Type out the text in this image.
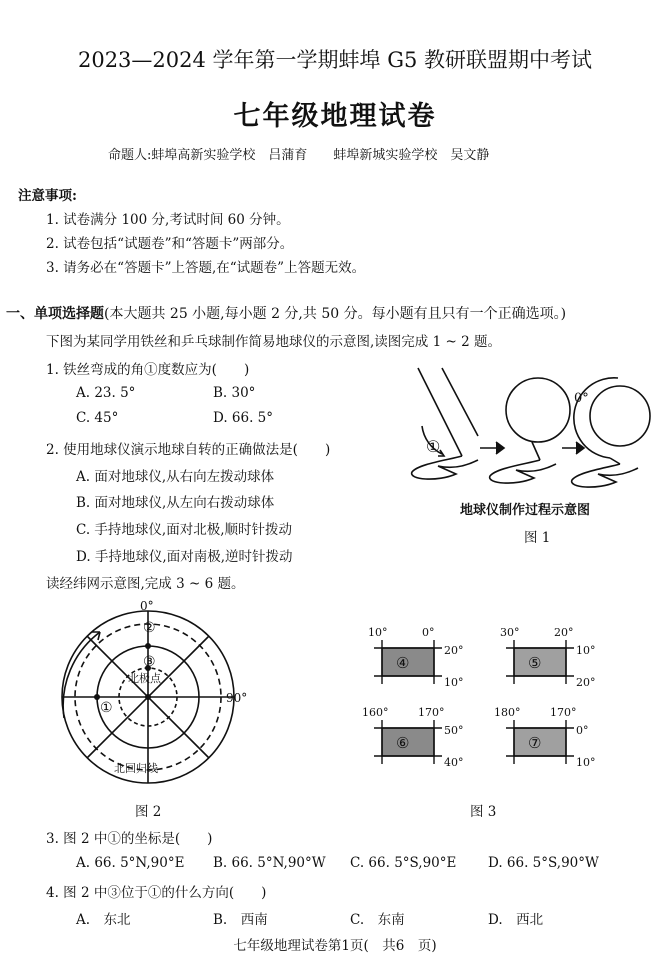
2023—2024 学年第一学期蚌埠 G5 教研联盟期中考试
七年级地理试卷
命题人:蚌埠高新实验学校　吕蒲育　　蚌埠新城实验学校　吴文静
注意事项:
1. 试卷满分 100 分,考试时间 60 分钟。
2. 试卷包括“试题卷”和“答题卡”两部分。
3. 请务必在“答题卡”上答题,在“试题卷”上答题无效。
一、单项选择题(本大题共 25 小题,每小题 2 分,共 50 分。每小题有且只有一个正确选项。)
下图为某同学用铁丝和乒乓球制作简易地球仪的示意图,读图完成 1 ~ 2 题。
1. 铁丝弯成的角①度数应为(　　)
A. 23. 5°	B. 30°
C. 45°	D. 66. 5°
2. 使用地球仪演示地球自转的正确做法是(　　)
A. 面对地球仪,从右向左拨动球体
B. 面对地球仪,从左向右拨动球体
C. 手持地球仪,面对北极,顺时针拨动
D. 手持地球仪,面对南极,逆时针拨动
读经纬网示意图,完成 3 ~ 6 题。
①
0°
地球仪制作过程示意图
图 1
0°
90°
①
②
③
北极点
北回归线
图 2
④
10°	0°
20°
10°
⑤
30°	20°
10°
20°
⑥
160°	170°
50°
40°
⑦
180°	170°
0°
10°
图 3
3. 图 2 中①的坐标是(　　)
A. 66. 5°N,90°E B. 66. 5°N,90°W C. 66. 5°S,90°E D. 66. 5°S,90°W
4. 图 2 中③位于①的什么方向(　　)
A.　东北	B.　西南	C.　东南	D.　西北
七年级地理试卷第1页(　共6　页)
